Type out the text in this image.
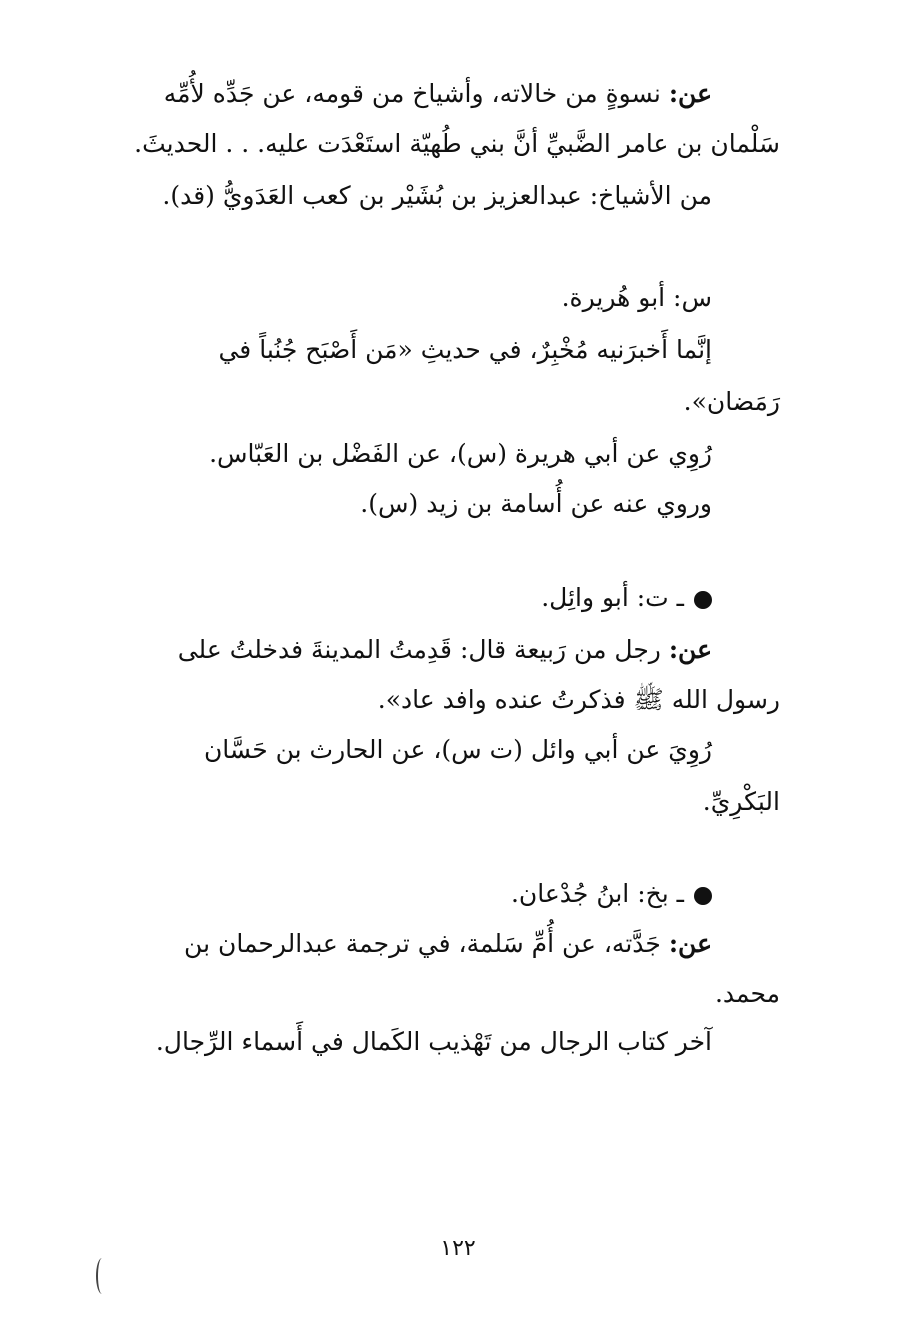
عن: نسوةٍ من خالاته، وأشياخ من قومه، عن جَدِّه لأُمِّه
سَلْمان بن عامر الضَّبيِّ أنَّ بني طُهيّة استَعْدَت عليه. . . الحديثَ.
من الأشياخ: عبدالعزيز بن بُشَيْر بن كعب العَدَويُّ (قد).
س: أبو هُريرة.
إنَّما أَخبرَنيه مُخْبِرٌ، في حديثِ «مَن أَصْبَح جُنُباً في
رَمَضان».
رُوِي عن أبي هريرة (س)، عن الفَضْل بن العَبّاس.
وروي عنه عن أُسامة بن زيد (س).
ـ ت: أبو وائِل.
عن: رجل من رَبيعة قال: قَدِمتُ المدينةَ فدخلتُ على
رسول الله ﷺ فذكرتُ عنده وافد عاد».
رُوِيَ عن أبي وائل (ت س)، عن الحارث بن حَسَّان
البَكْرِيِّ.
ـ بخ: ابنُ جُدْعان.
عن: جَدَّته، عن أُمِّ سَلمة، في ترجمة عبدالرحمان بن
محمد.
آخر كتاب الرجال من تَهْذيب الكَمال في أَسماء الرِّجال.
١٢٢
